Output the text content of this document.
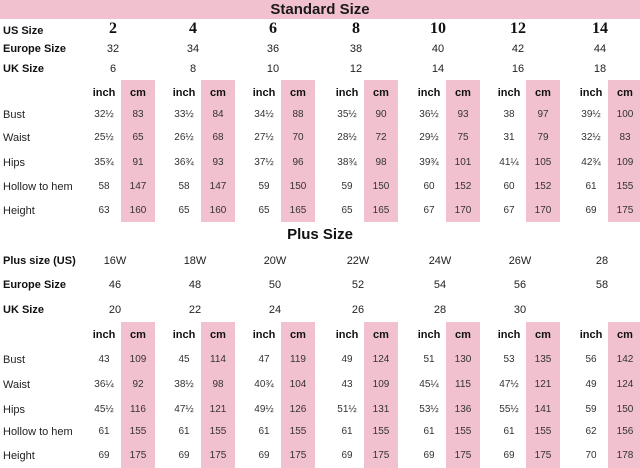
Standard Size
US Size	2	4	6	8	10	12	14
Europe Size	32	34	36	38	40	42	44
UK Size	6	8	10	12	14	16	18
inch	cm	inch	cm	inch	cm	inch	cm	inch	cm	inch	cm	inch	cm
Bust	32½	83	33½	84	34½	88	35½	90	36½	93	38	97	39½	100
Waist	25½	65	26½	68	27½	70	28½	72	29½	75	31	79	32½	83
Hips	35¾	91	36¾	93	37½	96	38¾	98	39¾	101	41¼	105	42¾	109
Hollow to hem	58	147	58	147	59	150	59	150	60	152	60	152	61	155
Height	63	160	65	160	65	165	65	165	67	170	67	170	69	175
Plus Size
Plus size (US)	16W	18W	20W	22W	24W	26W	28
Europe Size	46	48	50	52	54	56	58
UK Size	20	22	24	26	28	30
inch	cm	inch	cm	inch	cm	inch	cm	inch	cm	inch	cm	inch	cm
Bust	43	109	45	114	47	119	49	124	51	130	53	135	56	142
Waist	36¼	92	38½	98	40¾	104	43	109	45¼	115	47½	121	49	124
Hips	45½	116	47½	121	49½	126	51½	131	53½	136	55½	141	59	150
Hollow to hem	61	155	61	155	61	155	61	155	61	155	61	155	62	156
Height	69	175	69	175	69	175	69	175	69	175	69	175	70	178
